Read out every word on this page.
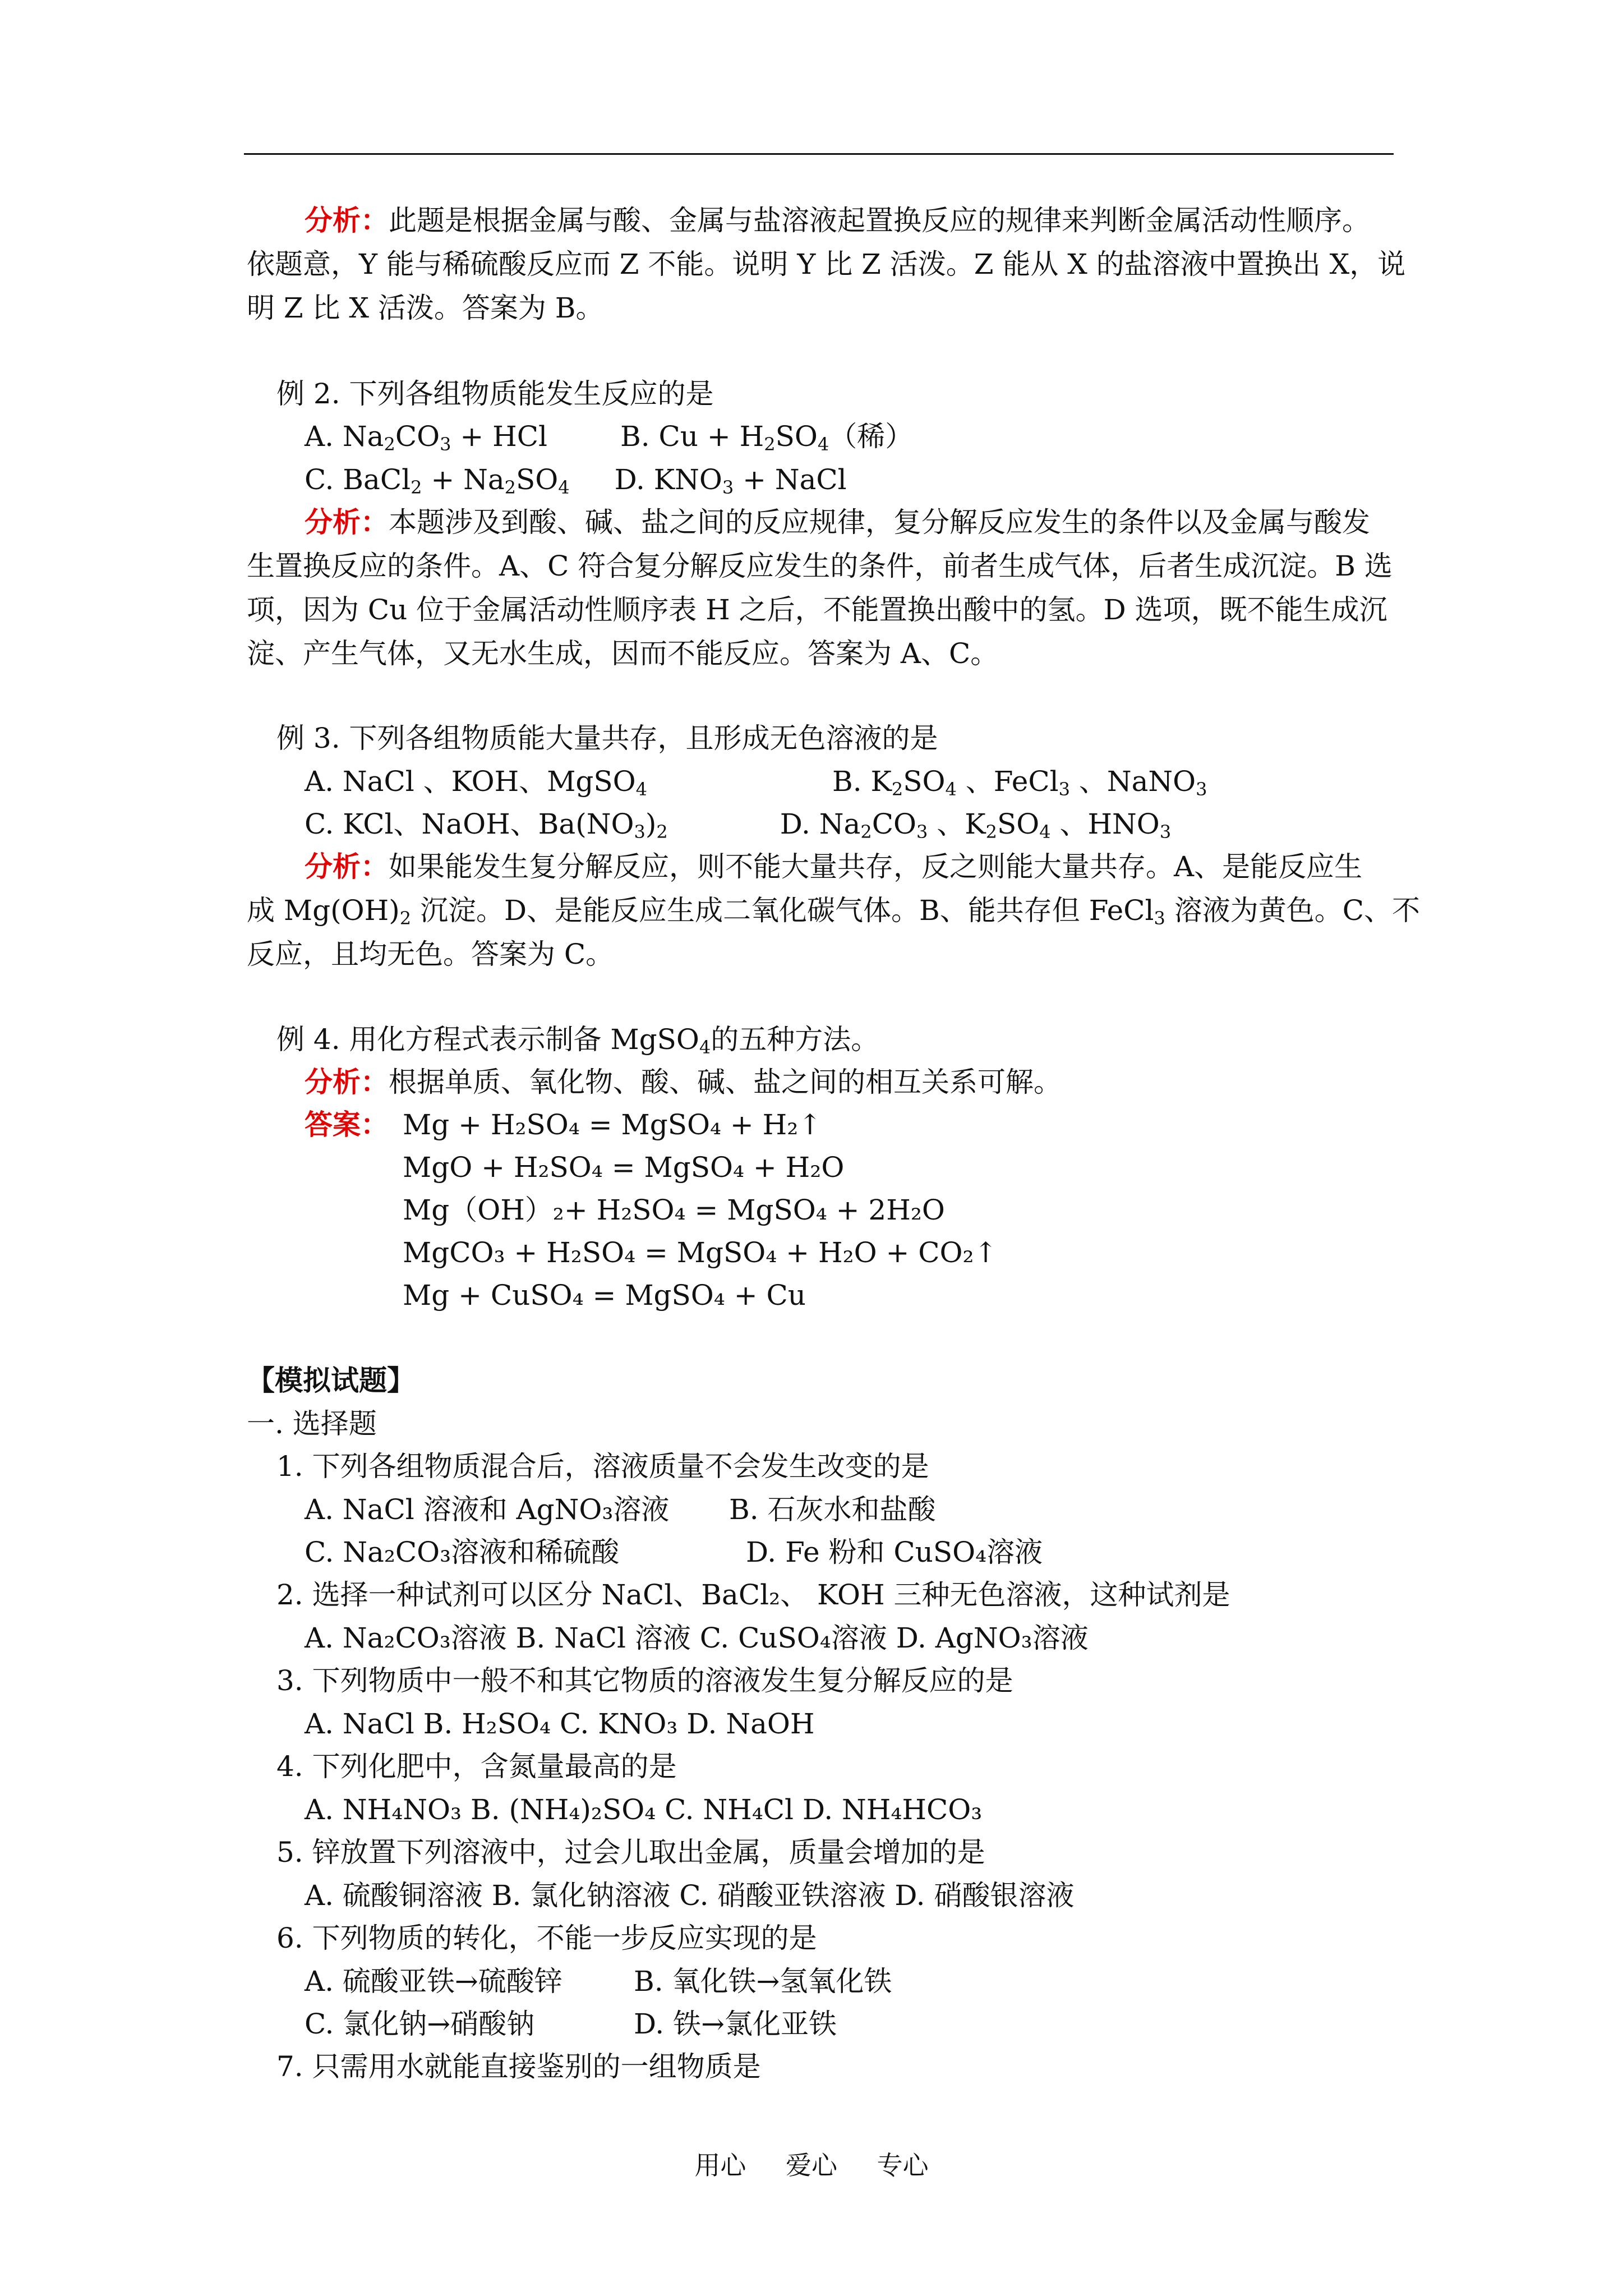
分析：此题是根据金属与酸、金属与盐溶液起置换反应的规律来判断金属活动性顺序。
依题意，Y 能与稀硫酸反应而 Z 不能。说明 Y 比 Z 活泼。Z 能从 X 的盐溶液中置换出 X，说
明 Z 比 X 活泼。答案为 B。
例 2. 下列各组物质能发生反应的是
A. $Na_2CO_3$ + HCl	B. $Cu + H_2SO_4$（稀）
C. BaCl$_2$ + $Na_2SO_4$ D. $KNO_3$ + NaCl
分析：本题涉及到酸、碱、盐之间的反应规律，复分解反应发生的条件以及金属与酸发
生置换反应的条件。A、C 符合复分解反应发生的条件，前者生成气体，后者生成沉淀。B 选
项，因为 Cu 位于金属活动性顺序表 H 之后，不能置换出酸中的氢。D 选项，既不能生成沉
淀、产生气体，又无水生成，因而不能反应。答案为 A、C。
例 3. 下列各组物质能大量共存，且形成无色溶液的是
A. NaCl 、KOH、MgSO$_4$	B. $K_2SO_4$ 、FeCl$_3$ 、NaNO$_3$
C. KCl、NaOH、$Ba(NO_3)_2$	D. $Na_2CO_3$ 、$K_2SO_4$ 、$HNO_3$
分析：如果能发生复分解反应，则不能大量共存，反之则能大量共存。A、是能反应生
成 $Mg(OH)_2$ 沉淀。D、是能反应生成二氧化碳气体。B、能共存但 FeCl$_3$ 溶液为黄色。C、不
反应，且均无色。答案为 C。
例 4. 用化方程式表示制备 MgSO$_4$的五种方法。
分析：根据单质、氧化物、酸、碱、盐之间的相互关系可解。
答案： Mg + H₂SO₄ = MgSO₄ + H₂↑
MgO + H₂SO₄ = MgSO₄ + H₂O
Mg（OH）₂+ H₂SO₄ = MgSO₄ + 2H₂O
MgCO₃ + H₂SO₄ = MgSO₄ + H₂O + CO₂↑
Mg + CuSO₄ = MgSO₄ + Cu
【模拟试题】
一. 选择题
1. 下列各组物质混合后，溶液质量不会发生改变的是
A. NaCl 溶液和 AgNO₃溶液 B. 石灰水和盐酸
C. Na₂CO₃溶液和稀硫酸	D. Fe 粉和 CuSO₄溶液
2. 选择一种试剂可以区分 NaCl、BaCl₂、 KOH 三种无色溶液，这种试剂是
A. Na₂CO₃溶液 B. NaCl 溶液 C. CuSO₄溶液 D. AgNO₃溶液
3. 下列物质中一般不和其它物质的溶液发生复分解反应的是
A. NaCl B. H₂SO₄ C. KNO₃ D. NaOH
4. 下列化肥中，含氮量最高的是
A. NH₄NO₃ B. (NH₄)₂SO₄ C. NH₄Cl D. NH₄HCO₃
5. 锌放置下列溶液中，过会儿取出金属，质量会增加的是
A. 硫酸铜溶液 B. 氯化钠溶液 C. 硝酸亚铁溶液 D. 硝酸银溶液
6. 下列物质的转化，不能一步反应实现的是
A. 硫酸亚铁→硫酸锌	B. 氧化铁→氢氧化铁
C. 氯化钠→硝酸钠	D. 铁→氯化亚铁
7. 只需用水就能直接鉴别的一组物质是
用心 爱心 专心
